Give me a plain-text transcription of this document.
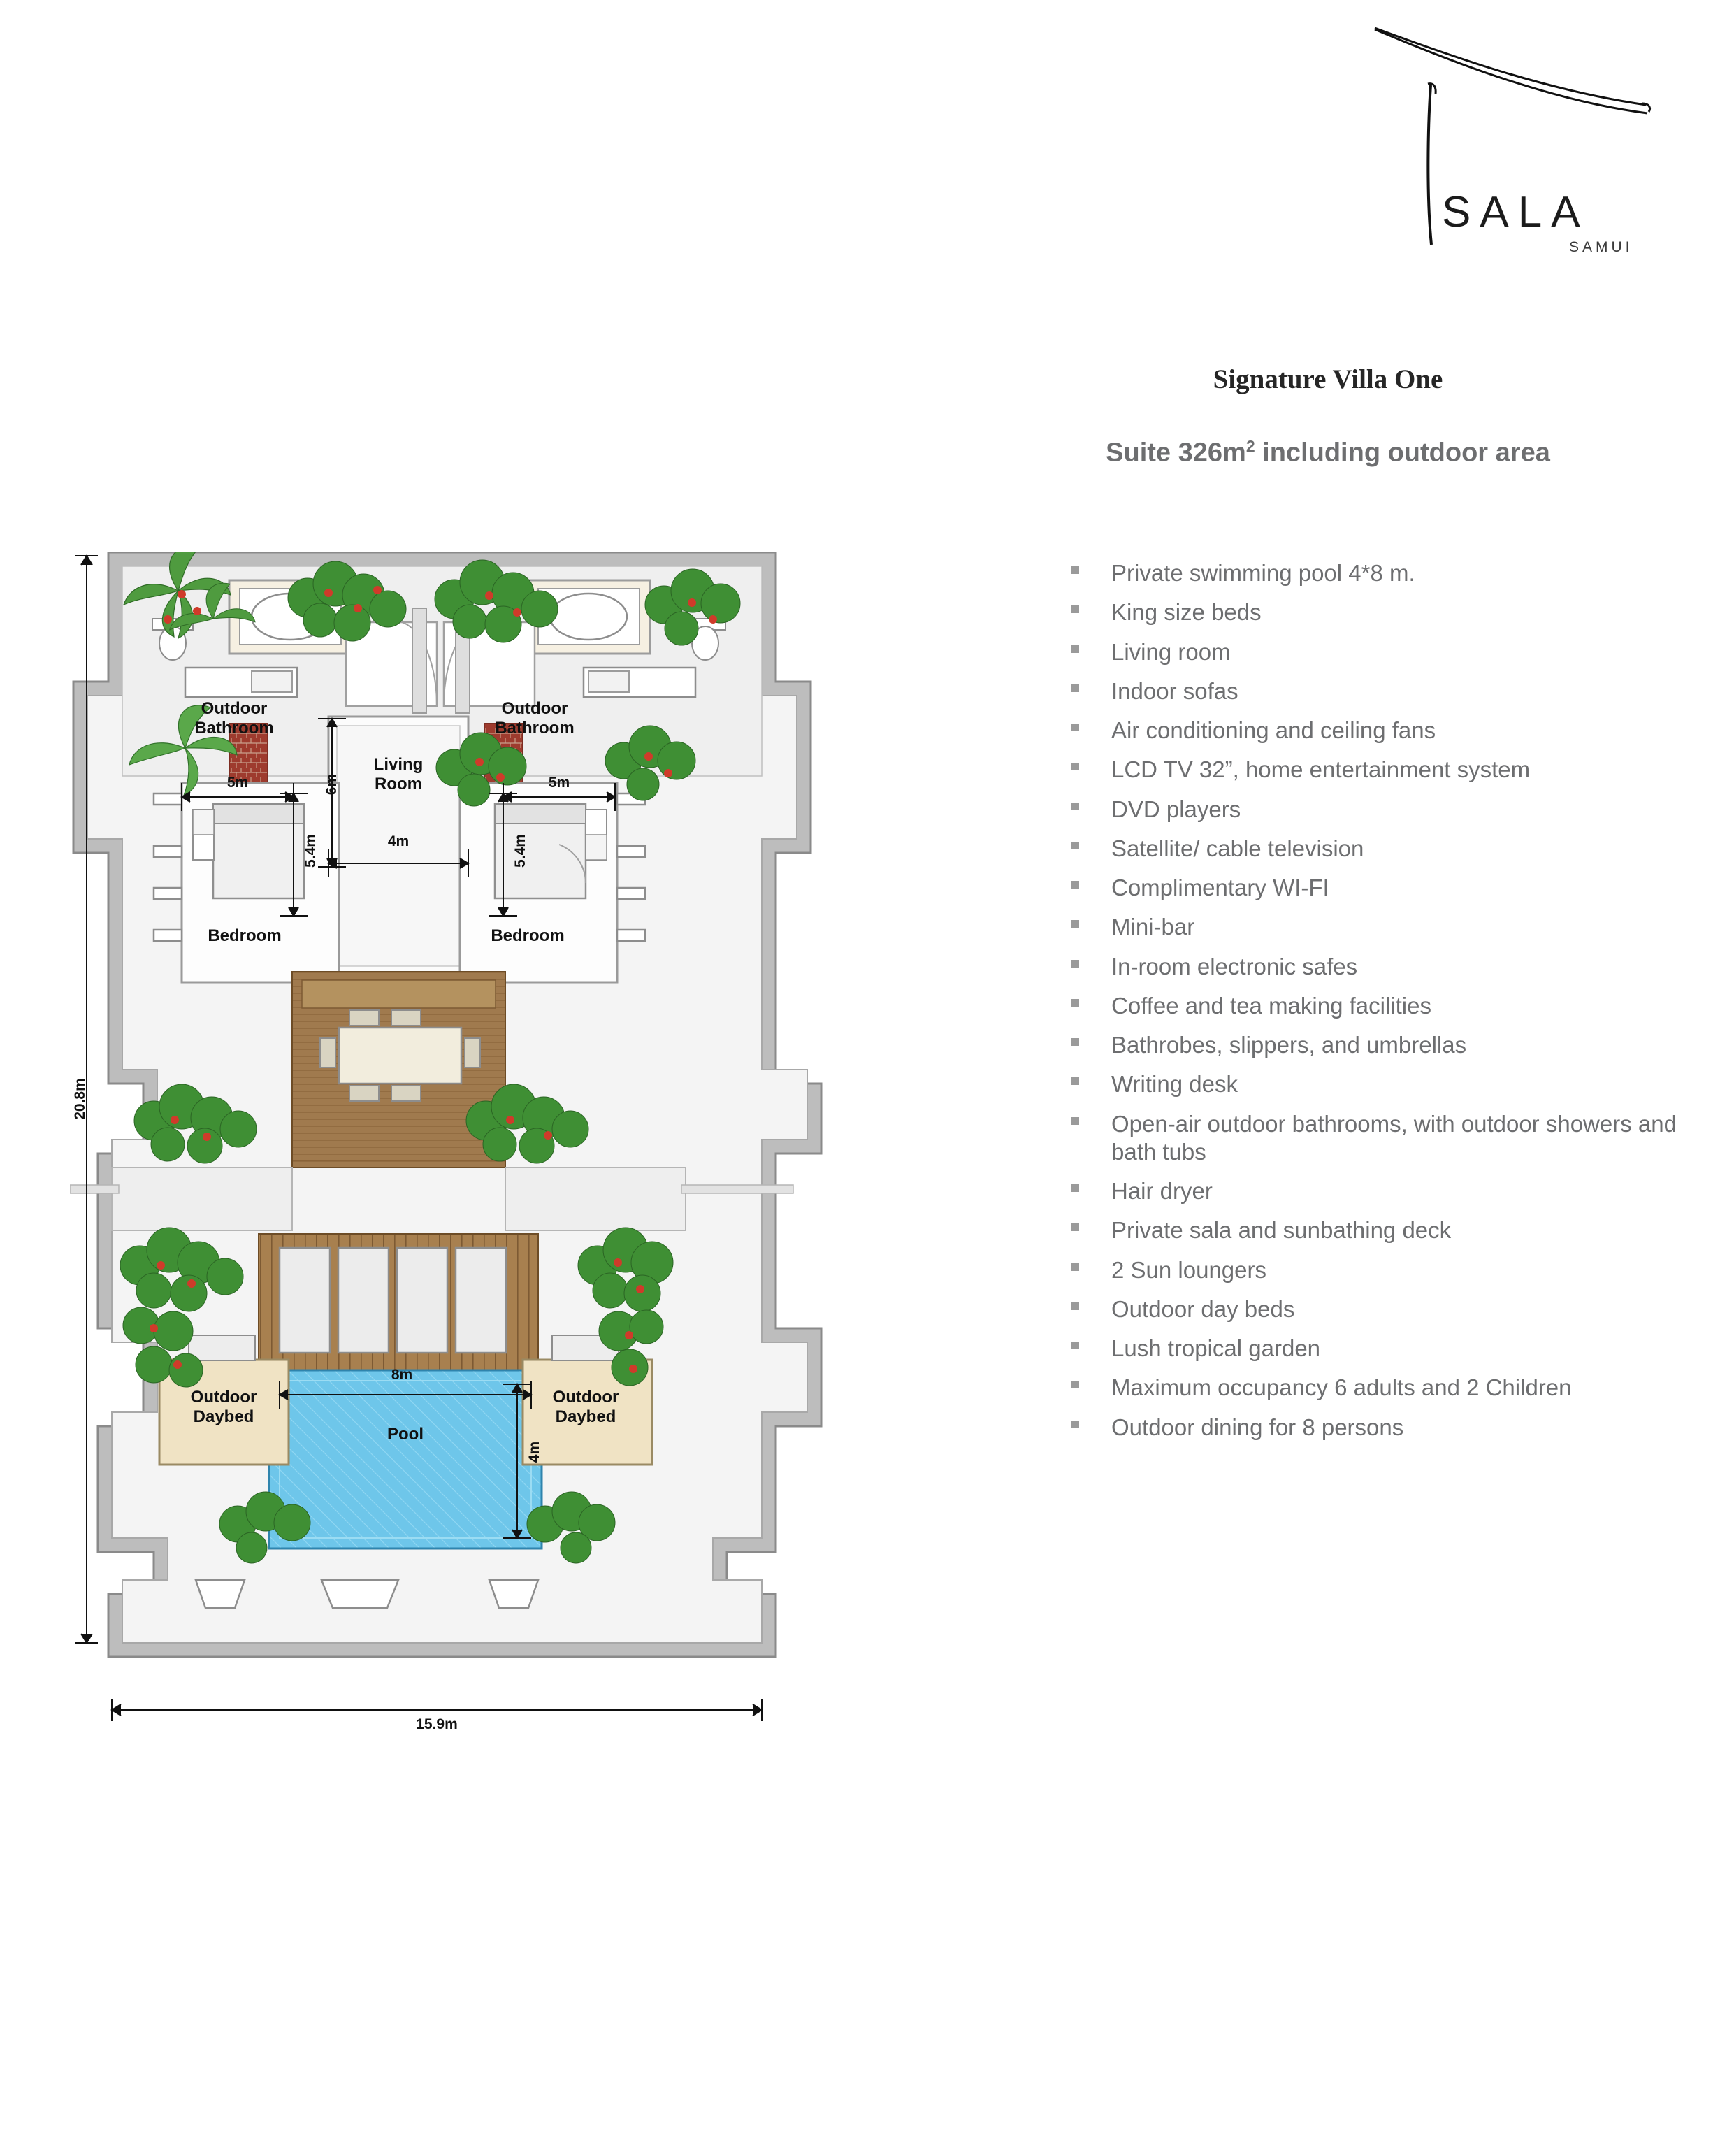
SALA
SAMUI
Signature Villa One
Suite $326m^2$ including outdoor area
Private swimming pool 4*8 m.
King size beds
Living room
Indoor sofas
Air conditioning and ceiling fans
LCD TV 32”, home entertainment system
DVD players
Satellite/ cable television
Complimentary WI-FI
Mini-bar
In-room electronic safes
Coffee and tea making facilities
Bathrobes, slippers, and umbrellas
Writing desk
Open-air outdoor bathrooms, with outdoor showers and bath tubs
Hair dryer
Private sala and sunbathing deck
2 Sun loungers
Outdoor day beds
Lush tropical garden
Maximum occupancy 6 adults and 2 Children
Outdoor dining for 8 persons
Outdoor
Bathroom
Outdoor
Bathroom
Living
Room
Bedroom	Bedroom
Outdoor
Daybed
Outdoor
Daybed
Pool
20.8m
15.9m
5m
5.4m
5m
5.4m
6m
4m
8m
4m
